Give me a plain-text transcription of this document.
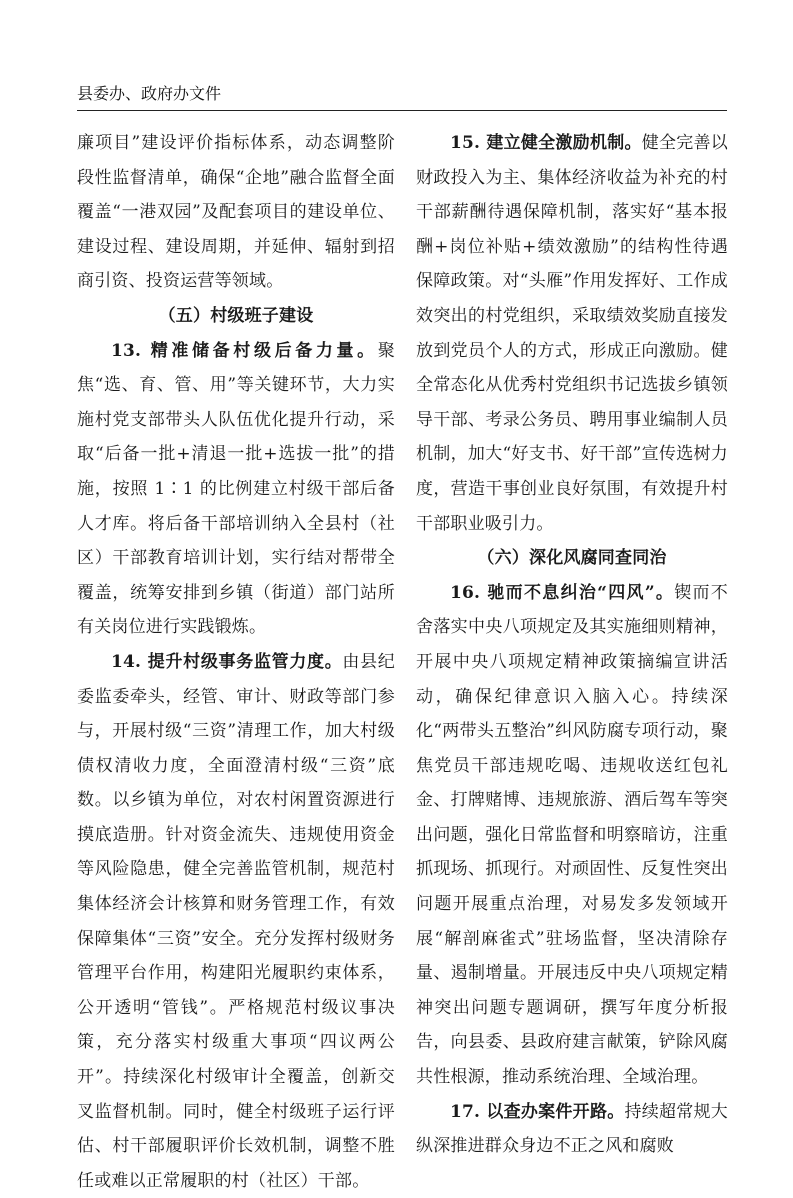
县委办、政府办文件

廉项目”建设评价指标体系，动态调整阶段性监督清单，确保“企地”融合监督全面覆盖“一港双园”及配套项目的建设单位、建设过程、建设周期，并延伸、辐射到招商引资、投资运营等领域。

（五）村级班子建设

13. 精准储备村级后备力量。聚焦“选、育、管、用”等关键环节，大力实施村党支部带头人队伍优化提升行动，采取“后备一批+清退一批+选拔一批”的措施，按照 1∶1 的比例建立村级干部后备人才库。将后备干部培训纳入全县村（社区）干部教育培训计划，实行结对帮带全覆盖，统筹安排到乡镇（街道）部门站所有关岗位进行实践锻炼。

14. 提升村级事务监管力度。由县纪委监委牵头，经管、审计、财政等部门参与，开展村级“三资”清理工作，加大村级债权清收力度，全面澄清村级“三资”底数。以乡镇为单位，对农村闲置资源进行摸底造册。针对资金流失、违规使用资金等风险隐患，健全完善监管机制，规范村集体经济会计核算和财务管理工作，有效保障集体“三资”安全。充分发挥村级财务管理平台作用，构建阳光履职约束体系，公开透明“管钱”。严格规范村级议事决策，充分落实村级重大事项“四议两公开”。持续深化村级审计全覆盖，创新交叉监督机制。同时，健全村级班子运行评估、村干部履职评价长效机制，调整不胜任或难以正常履职的村（社区）干部。

15. 建立健全激励机制。健全完善以财政投入为主、集体经济收益为补充的村干部薪酬待遇保障机制，落实好“基本报酬+岗位补贴+绩效激励”的结构性待遇保障政策。对“头雁”作用发挥好、工作成效突出的村党组织，采取绩效奖励直接发放到党员个人的方式，形成正向激励。健全常态化从优秀村党组织书记选拔乡镇领导干部、考录公务员、聘用事业编制人员机制，加大“好支书、好干部”宣传选树力度，营造干事创业良好氛围，有效提升村干部职业吸引力。

（六）深化风腐同查同治

16. 驰而不息纠治“四风”。锲而不舍落实中央八项规定及其实施细则精神，开展中央八项规定精神政策摘编宣讲活动，确保纪律意识入脑入心。持续深化“两带头五整治”纠风防腐专项行动，聚焦党员干部违规吃喝、违规收送红包礼金、打牌赌博、违规旅游、酒后驾车等突出问题，强化日常监督和明察暗访，注重抓现场、抓现行。对顽固性、反复性突出问题开展重点治理，对易发多发领域开展“解剖麻雀式”驻场监督，坚决清除存量、遏制增量。开展违反中央八项规定精神突出问题专题调研，撰写年度分析报告，向县委、县政府建言献策，铲除风腐共性根源，推动系统治理、全域治理。

17. 以查办案件开路。持续超常规大纵深推进群众身边不正之风和腐败
